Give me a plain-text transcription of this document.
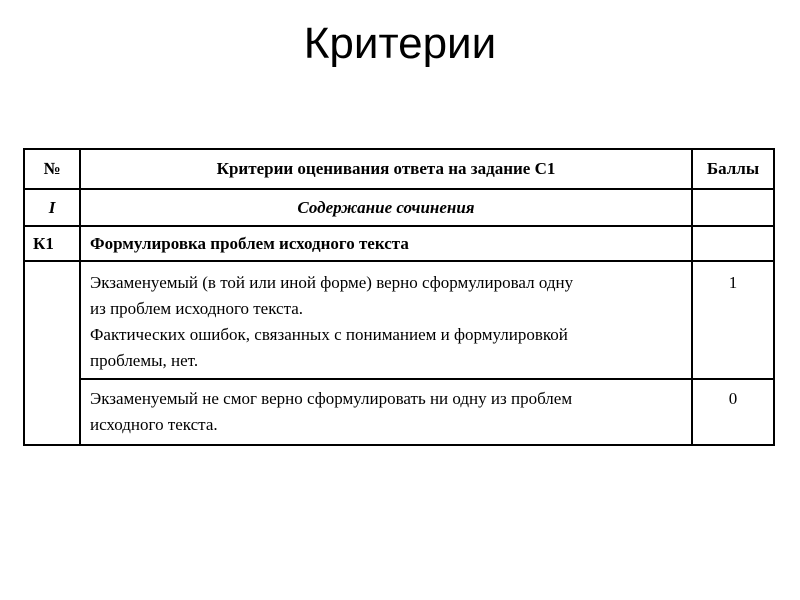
Критерии
№	Критерии оценивания ответа на задание С1	Баллы
I	Содержание сочинения	
К1	Формулировка проблем исходного текста	

	Экзаменуемый (в той или иной форме) верно сформулировал одну
из проблем исходного текста.
Фактических ошибок, связанных с пониманием и формулировкой
проблемы, нет.	1

	Экзаменуемый не смог верно сформулировать ни одну из проблем
исходного текста.	0
